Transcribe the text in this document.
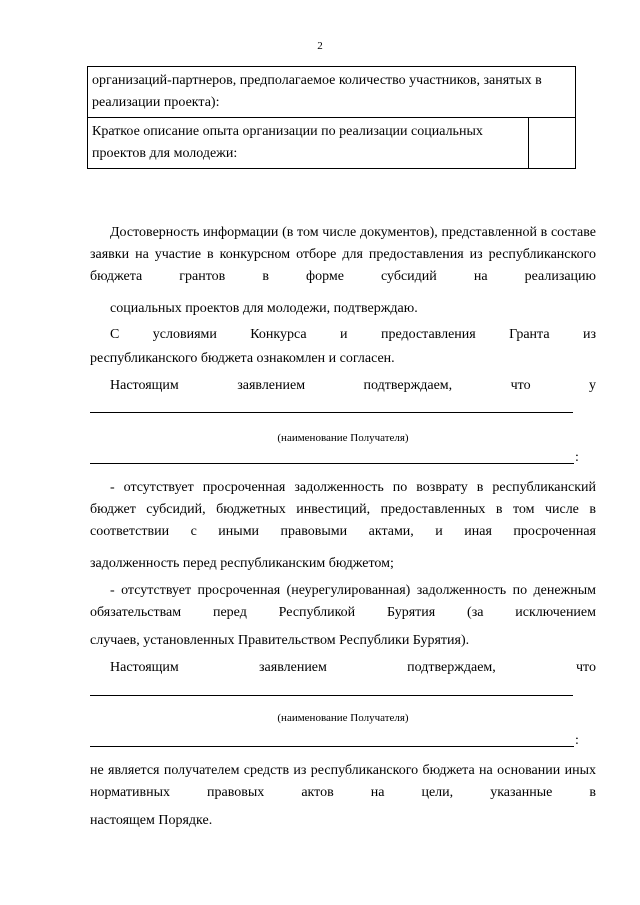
2
организаций-партнеров, предполагаемое количество участников, занятых в реализации проекта):
Краткое описание опыта организации по реализации социальных проектов для молодежи:	

Достоверность информации (в том числе документов), представленной в составе заявки на участие в конкурсном отборе для предоставления из республиканского бюджета грантов в форме субсидий на реализацию

социальных проектов для молодежи, подтверждаю.

С условиями Конкурса и предоставления Гранта из

республиканского бюджета ознакомлен и согласен.

Настоящим заявлением подтверждаем, что у

(наименование Получателя)
:

- отсутствует просроченная задолженность по возврату в республиканский бюджет субсидий, бюджетных инвестиций, предоставленных в том числе в соответствии с иными правовыми актами, и иная просроченная

задолженность перед республиканским бюджетом;

- отсутствует просроченная (неурегулированная) задолженность по денежным обязательствам перед Республикой Бурятия (за исключением

случаев, установленных Правительством Республики Бурятия).

Настоящим заявлением подтверждаем, что

(наименование Получателя)
:

не является получателем средств из республиканского бюджета на основании иных нормативных правовых актов на цели, указанные в

настоящем Порядке.
